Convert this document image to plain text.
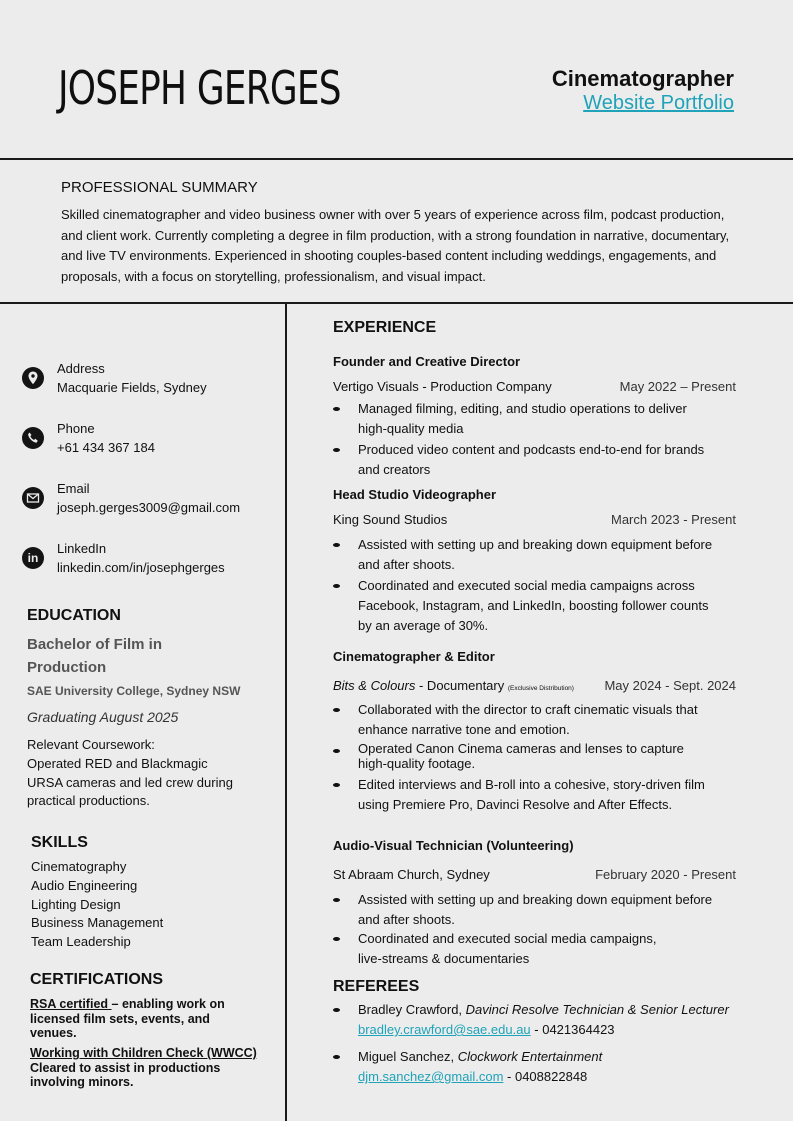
JOSEPH GERGES	Cinematographer
Website Portfolio
PROFESSIONAL SUMMARY

Skilled cinematographer and video business owner with over 5 years of experience across film, podcast production, and client work. Currently completing a degree in film production, with a strong foundation in narrative, documentary, and live TV environments. Experienced in shooting couples-based content including weddings, engagements, and proposals, with a focus on storytelling, professionalism, and visual impact.

Address
Macquarie Fields, Sydney
Phone
+61 434 367 184
Email
joseph.gerges3009@gmail.com
in
LinkedIn
linkedin.com/in/josephgerges
EDUCATION
Bachelor of Film in
Production
SAE University College, Sydney NSW
Graduating August 2025
Relevant Coursework:
Operated RED and Blackmagic
URSA cameras and led crew during
practical productions.
SKILLS
Cinematography
Audio Engineering
Lighting Design
Business Management
Team Leadership
CERTIFICATIONS
RSA certified – enabling work on
licensed film sets, events, and
venues.
Working with Children Check (WWCC)
Cleared to assist in productions
involving minors.
EXPERIENCE
Founder and Creative Director
Vertigo Visuals - Production Company	May 2022 – Present
Managed filming, editing, and studio operations to deliver
high-quality media
Produced video content and podcasts end-to-end for brands
and creators
Head Studio Videographer
King Sound Studios	March 2023 - Present
Assisted with setting up and breaking down equipment before
and after shoots.
Coordinated and executed social media campaigns across
Facebook, Instagram, and LinkedIn, boosting follower counts
by an average of 30%.
Cinematographer & Editor
Bits & Colours - Documentary (Exclusive Distribution) May 2024 - Sept. 2024
Collaborated with the director to craft cinematic visuals that
enhance narrative tone and emotion.
Operated Canon Cinema cameras and lenses to capture
high-quality footage.
Edited interviews and B-roll into a cohesive, story-driven film
using Premiere Pro, Davinci Resolve and After Effects.
Audio-Visual Technician (Volunteering)
St Abraam Church, Sydney	February 2020 - Present
Assisted with setting up and breaking down equipment before
and after shoots.
Coordinated and executed social media campaigns,
live-streams & documentaries
REFEREES
Bradley Crawford, Davinci Resolve Technician & Senior Lecturer
bradley.crawford@sae.edu.au - 0421364423
Miguel Sanchez, Clockwork Entertainment
djm.sanchez@gmail.com - 0408822848
